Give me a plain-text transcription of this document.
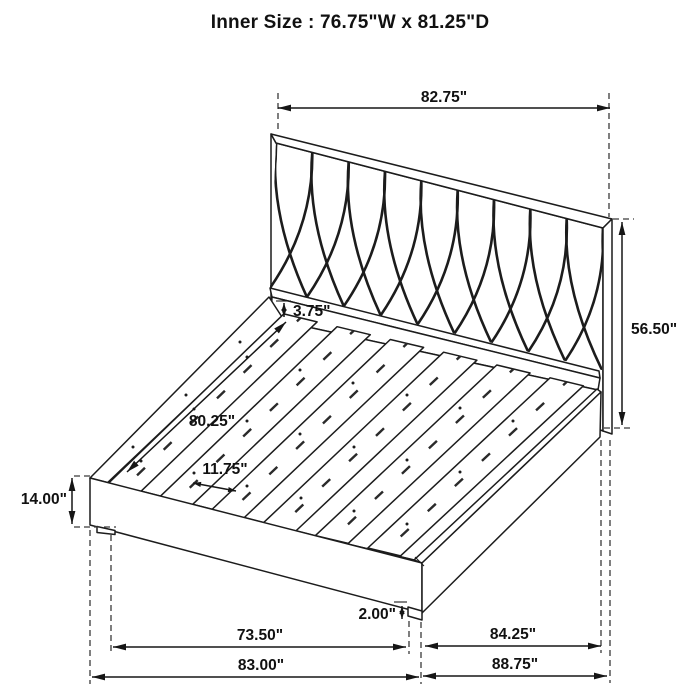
Inner Size : 76.75"W x 81.25"D
82.75"
56.50"
3.75"
80.25"
11.75"
14.00"
2.00"
73.50"
83.00"
84.25"
88.75"
